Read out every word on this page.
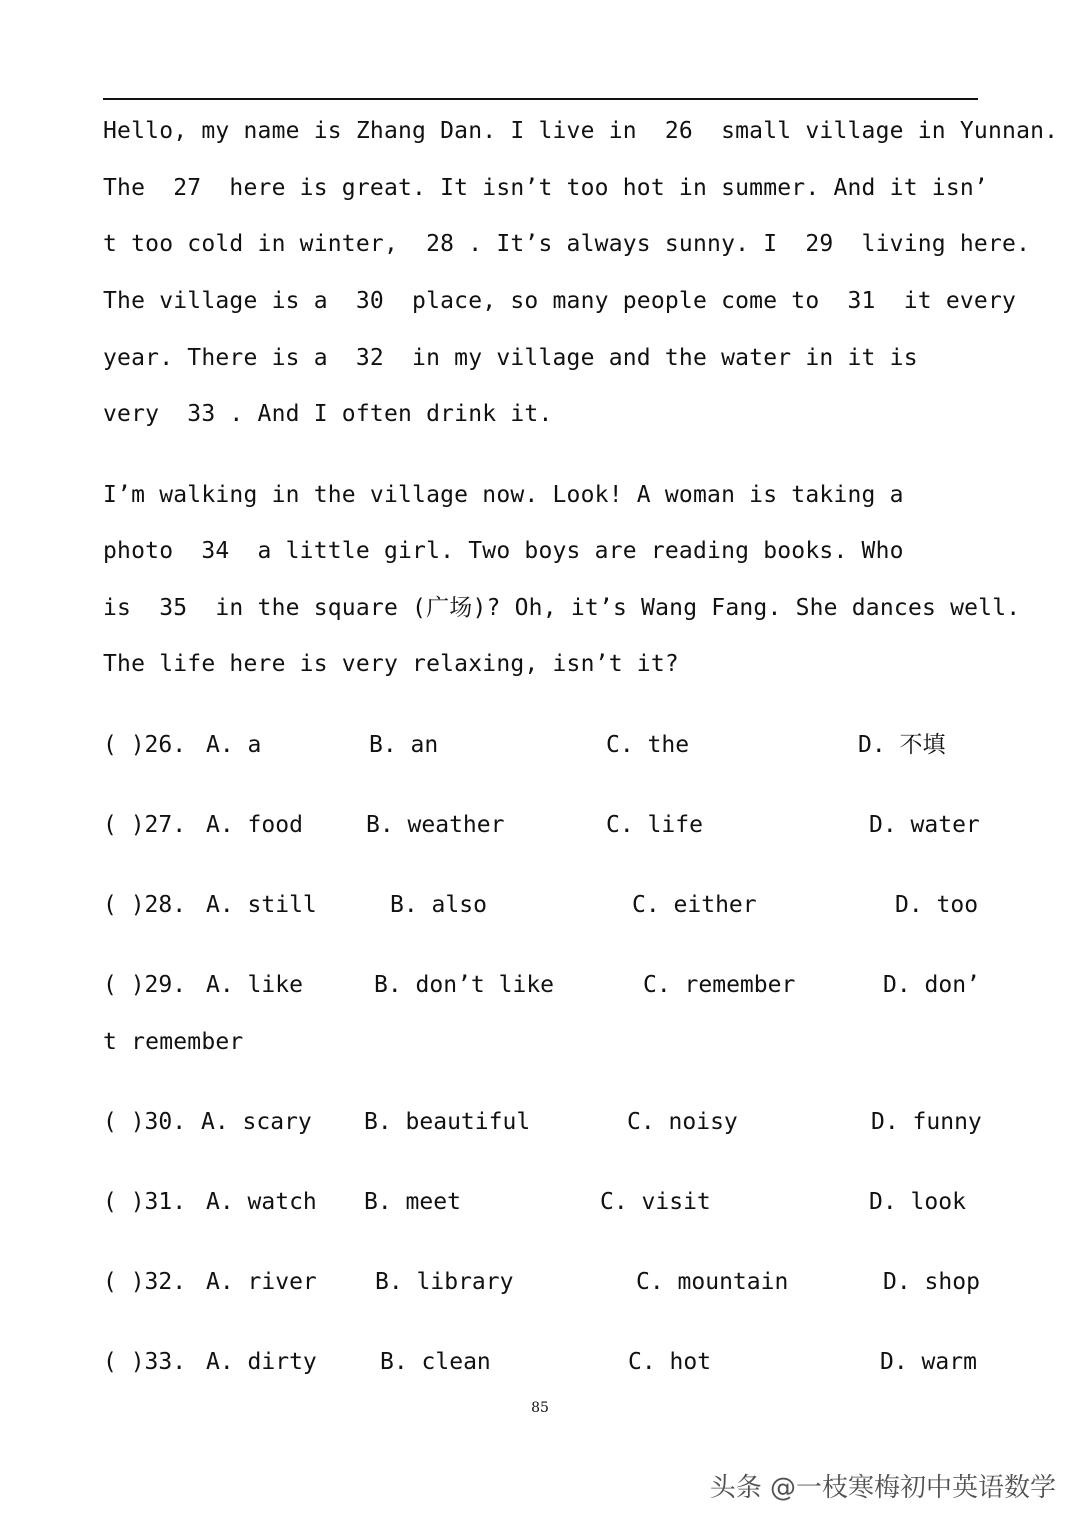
Hello, my name is Zhang Dan. I live in  26  small village in Yunnan.

The  27  here is great. It isn’t too hot in summer. And it isn’

t too cold in winter,  28 . It’s always sunny. I  29  living here.

The village is a  30  place, so many people come to  31  it every

year. There is a  32  in my village and the water in it is

very  33 . And I often drink it.

I’m walking in the village now. Look! A woman is taking a

photo  34  a little girl. Two boys are reading books. Who

is  35  in the square (广场)? Oh, it’s Wang Fang. She dances well.

The life here is very relaxing, isn’t it?

( )26.

A. a

	B. an

	C. the

	D. 不填

( )27.

A. food

	B. weather

	C. life

	D. water

( )28.

A. still

	B. also

	C. either

	D. too

( )29.

A. like

	B. don’t like

	C. remember

	D. don’

t remember

( )30.

A. scary

B. beautiful

	C. noisy

	D. funny

( )31.

A. watch

B. meet

	C. visit

	D. look

( )32.

A. river

	B. library

	C. mountain

	D. shop

( )33.

A. dirty

	B. clean

	C. hot

	D. warm

85
头条 @一枝寒梅初中英语数学
